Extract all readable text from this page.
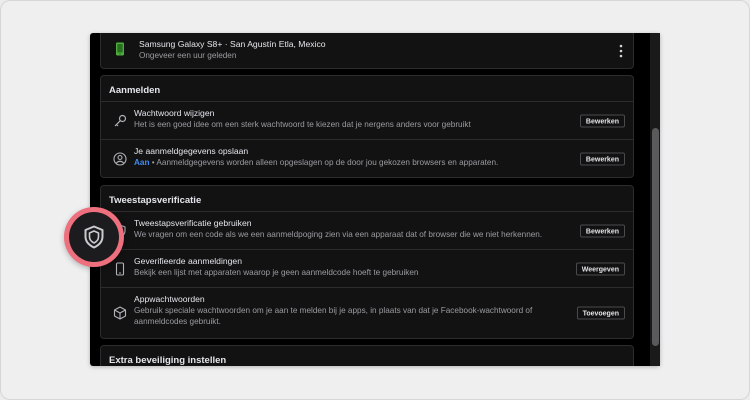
Samsung Galaxy S8+ · San Agustín Etla, Mexico
Ongeveer een uur geleden
Aanmelden
Wachtwoord wijzigen
Het is een goed idee om een sterk wachtwoord te kiezen dat je nergens anders voor gebruikt	Bewerken
Je aanmeldgegevens opslaan
Aan • Aanmeldgegevens worden alleen opgeslagen op de door jou gekozen browsers en apparaten.	Bewerken
Tweestapsverificatie
Tweestapsverificatie gebruiken
We vragen om een code als we een aanmeldpoging zien via een apparaat dat of browser die we niet herkennen.	Bewerken
Geverifieerde aanmeldingen
Bekijk een lijst met apparaten waarop je geen aanmeldcode hoeft te gebruiken	Weergeven
Appwachtwoorden
Gebruik speciale wachtwoorden om je aan te melden bij je apps, in plaats van dat je Facebook-wachtwoord of aanmeldcodes gebruikt.
Toevoegen
Extra beveiliging instellen
